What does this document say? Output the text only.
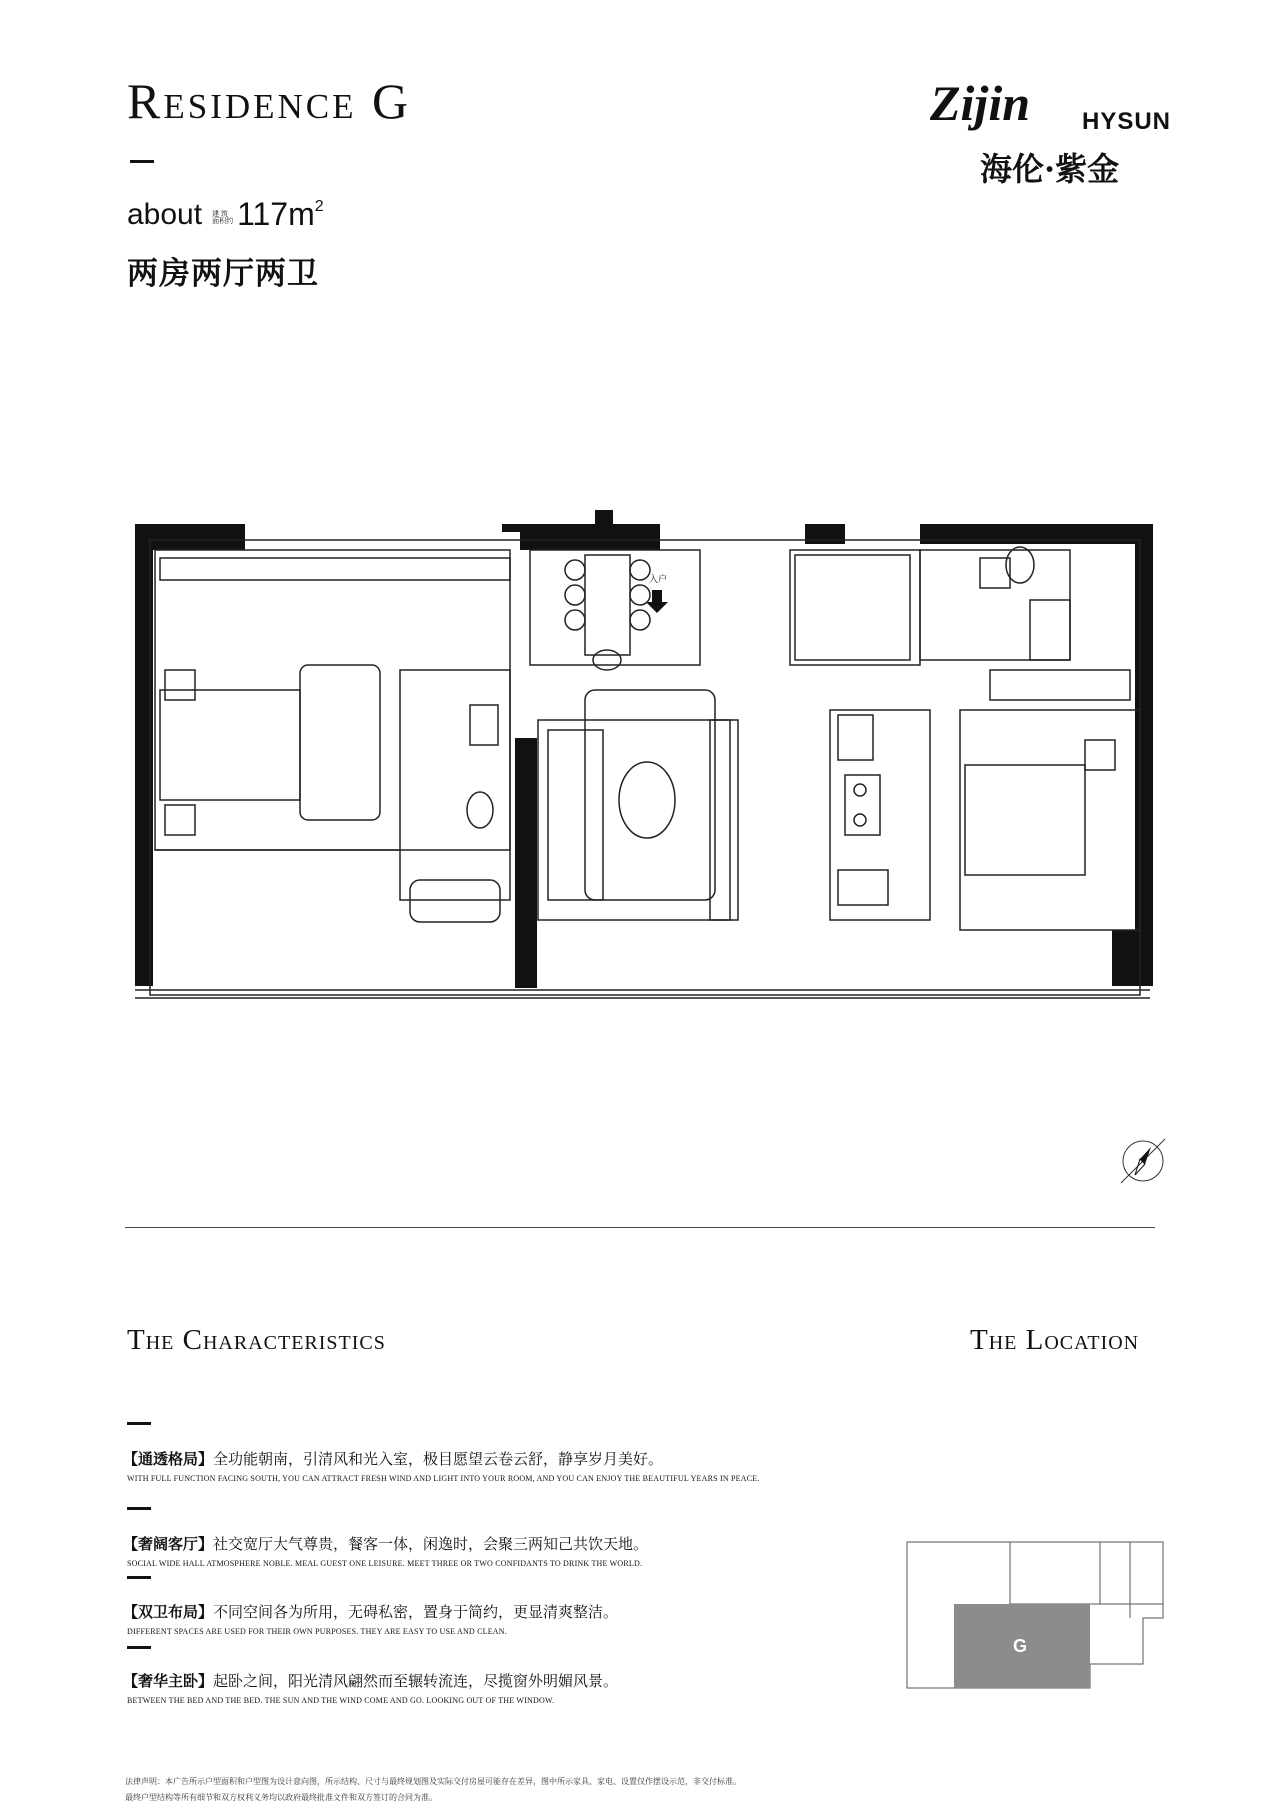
Residence G
about 建 筑
面积约 117 $m^2$
两房两厅两卫
Zijin HYSUN
海伦·紫金
入户
The Characteristics	The Location
【通透格局】全功能朝南，引清风和光入室，极目愿望云卷云舒，静享岁月美好。
WITH FULL FUNCTION FACING SOUTH, YOU CAN ATTRACT FRESH WIND AND LIGHT INTO YOUR ROOM, AND YOU CAN ENJOY THE BEAUTIFUL YEARS IN PEACE.
【奢阔客厅】社交宽厅大气尊贵，餐客一体，闲逸时，会聚三两知己共饮天地。
SOCIAL WIDE HALL ATMOSPHERE NOBLE. MEAL GUEST ONE LEISURE. MEET THREE OR TWO CONFIDANTS TO DRINK THE WORLD.
【双卫布局】不同空间各为所用，无碍私密，置身于简约，更显清爽整洁。
DIFFERENT SPACES ARE USED FOR THEIR OWN PURPOSES. THEY ARE EASY TO USE AND CLEAN.
【奢华主卧】起卧之间，阳光清风翩然而至辗转流连，尽揽窗外明媚风景。
BETWEEN THE BED AND THE BED. THE SUN AND THE WIND COME AND GO. LOOKING OUT OF THE WINDOW.
G
法律声明：本广告所示户型面积和户型图为设计意向图，所示结构、尺寸与最终规划图及实际交付房屋可能存在差异，图中所示家具、家电、设置仅作摆设示范，非交付标准。
最终户型结构等所有细节和双方权利义务均以政府最终批准文件和双方签订的合同为准。
